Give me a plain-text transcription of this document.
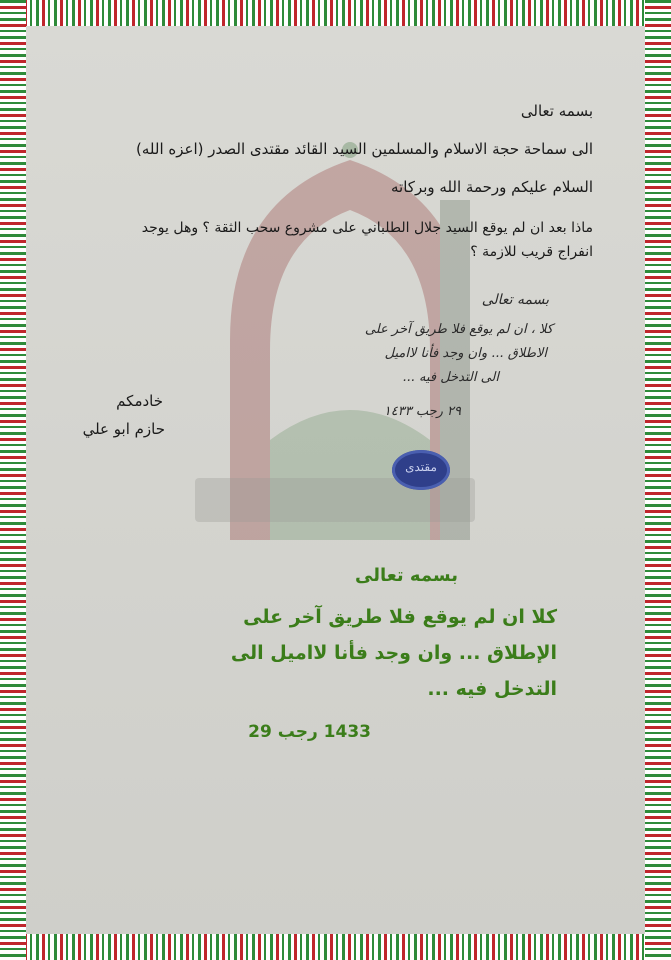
بسمه تعالى
الى سماحة حجة الاسلام والمسلمين السيد القائد مقتدى الصدر (اعزه الله)
السلام عليكم ورحمة الله وبركاته
ماذا بعد ان لم يوقع السيد جلال الطلباني على مشروع سحب الثقة ؟ وهل يوجد
انفراج قريب للازمة ؟
خادمكم
حازم ابو علي
بسمه تعالى
كلا ، ان لم يوقع فلا طريق آخر على
الاطلاق ... وان وجد فأنا لااميل
الى التدخل فيه ...
٢٩ رجب ١٤٣٣
مقتدى
بسمه تعالى
كلا ان لم يوقع فلا طريق آخر على
الإطلاق ... وان وجد فأنا لااميل الى
التدخل فيه ...
1433 رجب 29
